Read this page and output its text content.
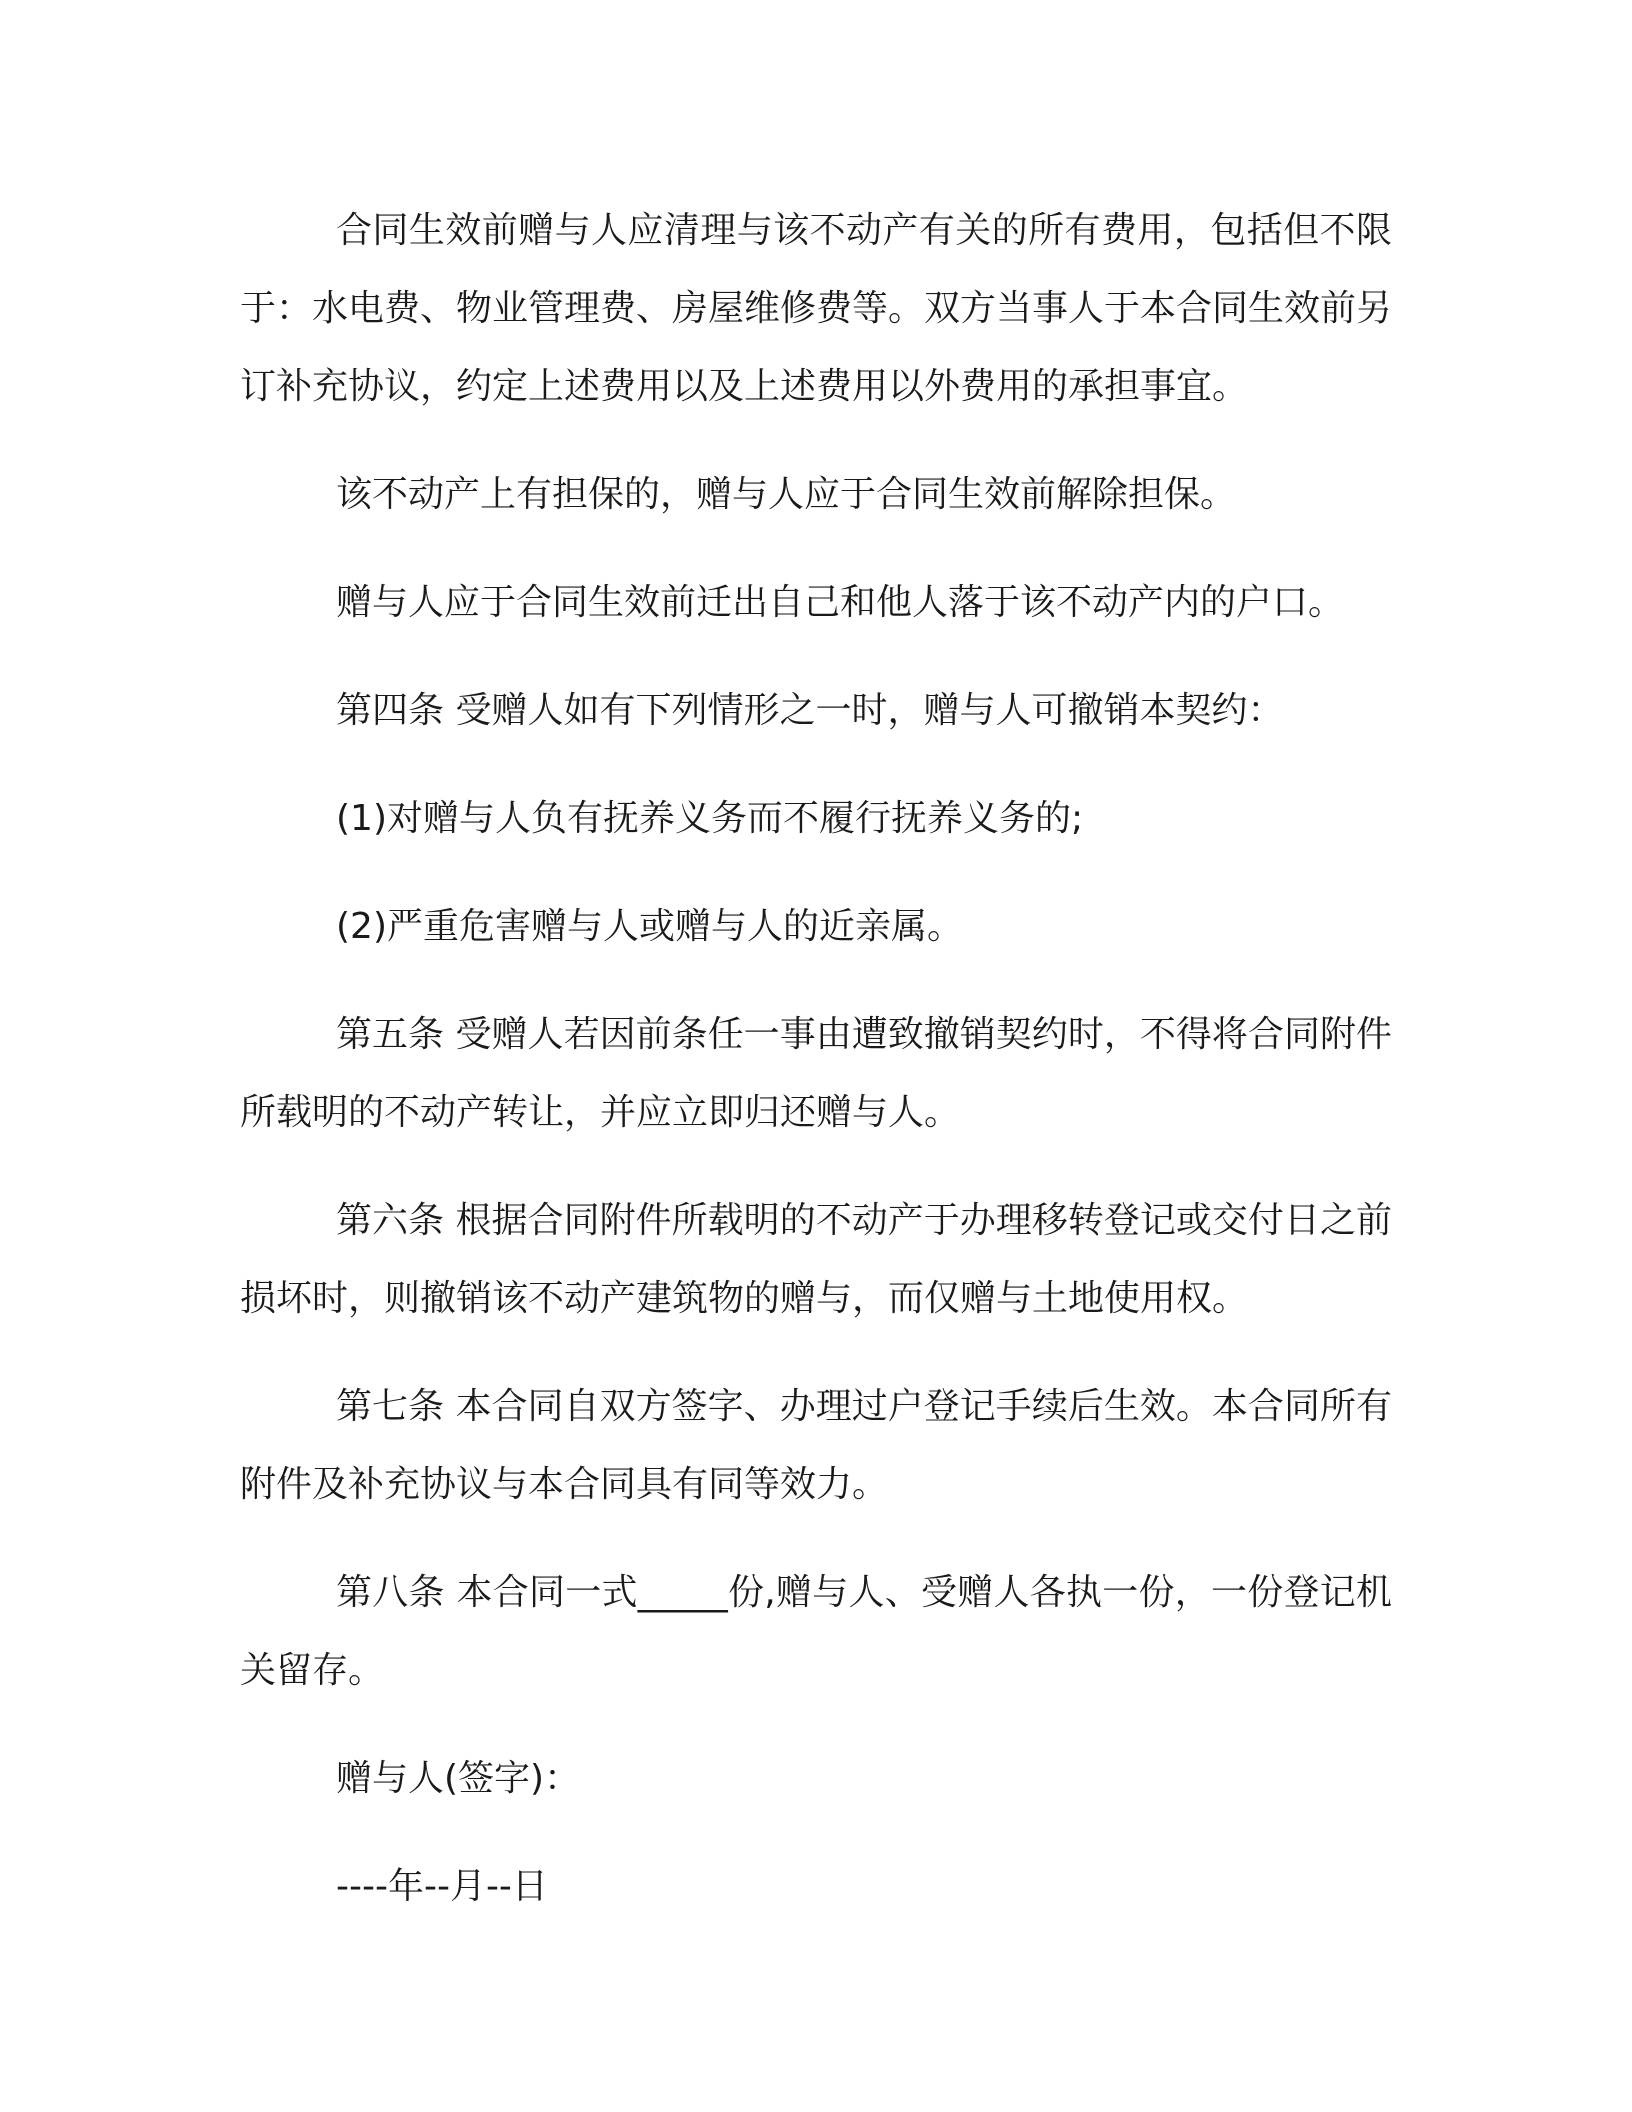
合同生效前赠与人应清理与该不动产有关的所有费用，包括但不限于：水电费、物业管理费、房屋维修费等。双方当事人于本合同生效前另订补充协议，约定上述费用以及上述费用以外费用的承担事宜。

该不动产上有担保的，赠与人应于合同生效前解除担保。

赠与人应于合同生效前迁出自己和他人落于该不动产内的户口。

第四条 受赠人如有下列情形之一时，赠与人可撤销本契约：

(1)对赠与人负有抚养义务而不履行抚养义务的;

(2)严重危害赠与人或赠与人的近亲属。

第五条 受赠人若因前条任一事由遭致撤销契约时，不得将合同附件所载明的不动产转让，并应立即归还赠与人。

第六条 根据合同附件所载明的不动产于办理移转登记或交付日之前损坏时，则撤销该不动产建筑物的赠与，而仅赠与土地使用权。

第七条 本合同自双方签字、办理过户登记手续后生效。本合同所有附件及补充协议与本合同具有同等效力。

第八条 本合同一式_____份,赠与人、受赠人各执一份，一份登记机关留存。

赠与人(签字)：

----年--月--日
